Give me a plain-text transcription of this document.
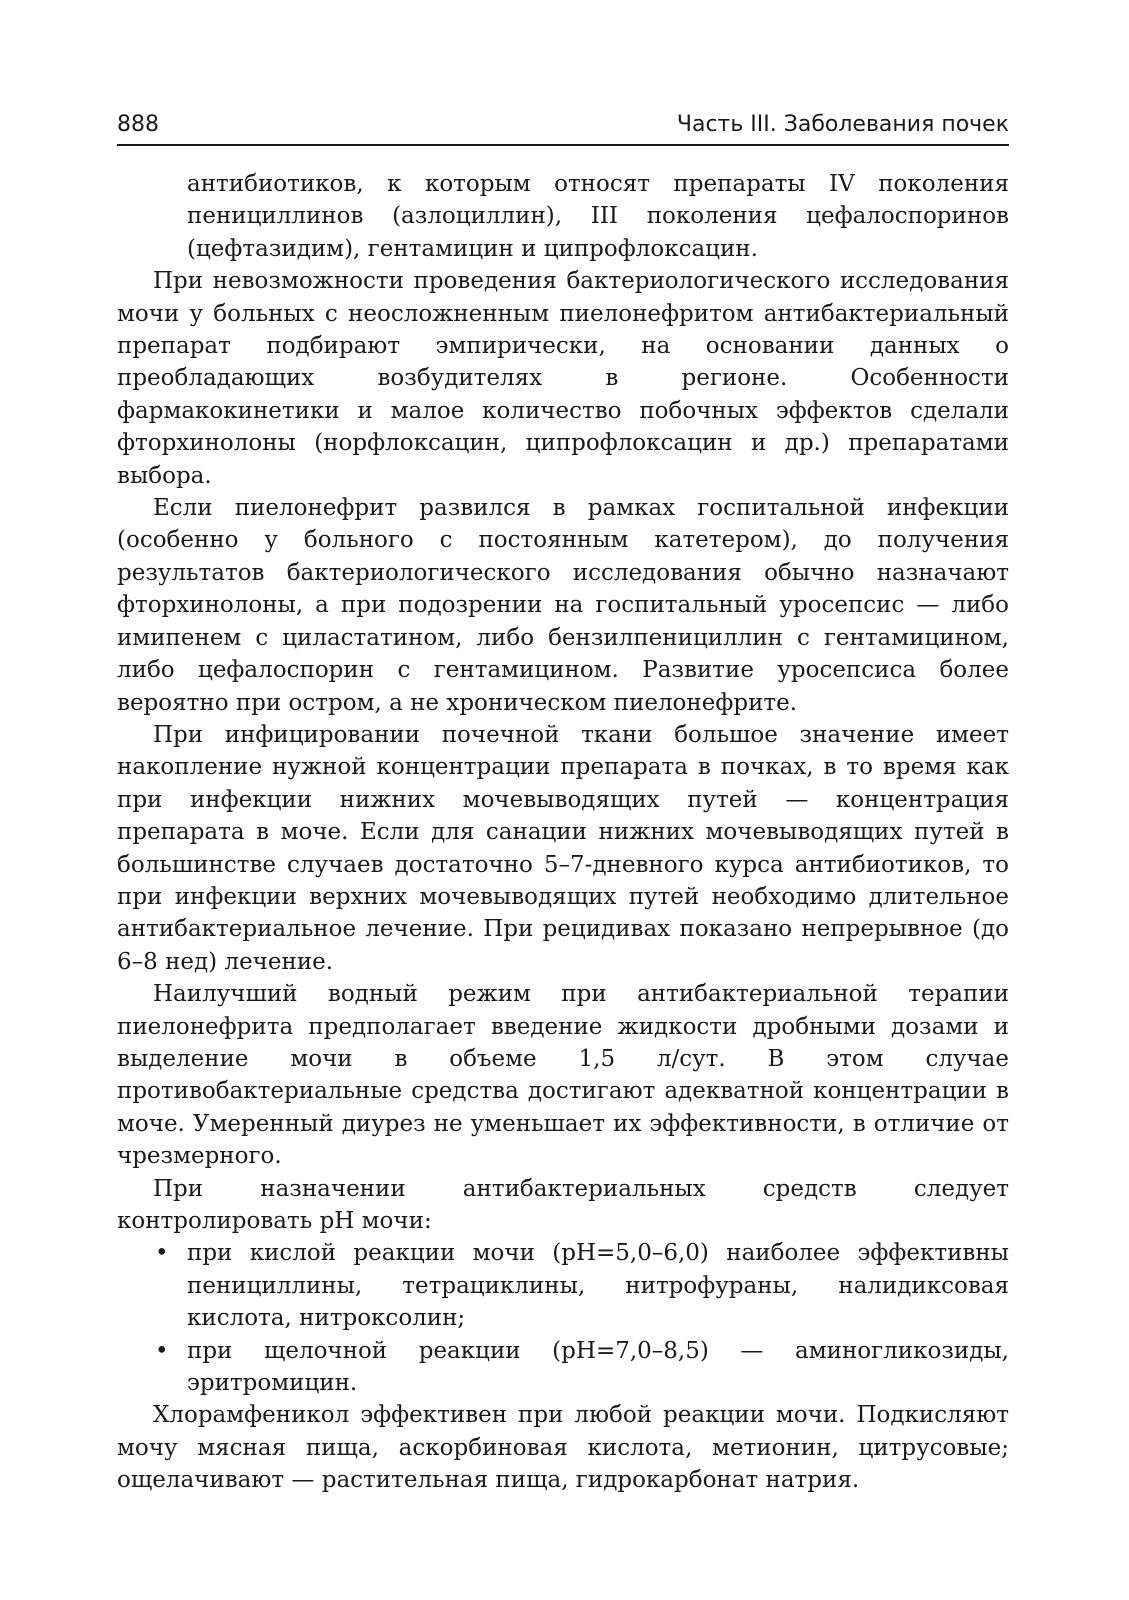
888	Часть III. Заболевания почек

антибиотиков, к которым относят препараты IV поколения пенициллинов (азлоциллин), III поколения цефалоспоринов (цефтазидим), гентамицин и ципрофлоксацин.

При невозможности проведения бактериологического исследования мочи у больных с неосложненным пиелонефритом антибактериальный препарат подбирают эмпирически, на основании данных о преобладающих возбудителях в регионе. Особенности фармакокинетики и малое количество побочных эффектов сделали фторхинолоны (норфлоксацин, ципрофлоксацин и др.) препаратами выбора.

Если пиелонефрит развился в рамках госпитальной инфекции (особенно у больного с постоянным катетером), до получения результатов бактериологического исследования обычно назначают фторхинолоны, а при подозрении на госпитальный уросепсис — либо имипенем с циластатином, либо бензилпенициллин с гентамицином, либо цефалоспорин с гентамицином. Развитие уросепсиса более вероятно при остром, а не хроническом пиелонефрите.

При инфицировании почечной ткани большое значение имеет накопление нужной концентрации препарата в почках, в то время как при инфекции нижних мочевыводящих путей — концентрация препарата в моче. Если для санации нижних мочевыводящих путей в большинстве случаев достаточно 5–7-дневного курса антибиотиков, то при инфекции верхних мочевыводящих путей необходимо длительное антибактериальное лечение. При рецидивах показано непрерывное (до 6–8 нед) лечение.

Наилучший водный режим при антибактериальной терапии пиелонефрита предполагает введение жидкости дробными дозами и выделение мочи в объеме 1,5 л/сут. В этом случае противобактериальные средства достигают адекватной концентрации в моче. Умеренный диурез не уменьшает их эффективности, в отличие от чрезмерного.

При назначении антибактериальных средств следует контролировать pH мочи:

• при кислой реакции мочи (pH=5,0–6,0) наиболее эффективны пенициллины, тетрациклины, нитрофураны, налидиксовая кислота, нитроксолин;
• при щелочной реакции (pH=7,0–8,5) — аминогликозиды, эритромицин.

Хлорамфеникол эффективен при любой реакции мочи. Подкисляют мочу мясная пища, аскорбиновая кислота, метионин, цитрусовые; ощелачивают — растительная пища, гидрокарбонат натрия.
